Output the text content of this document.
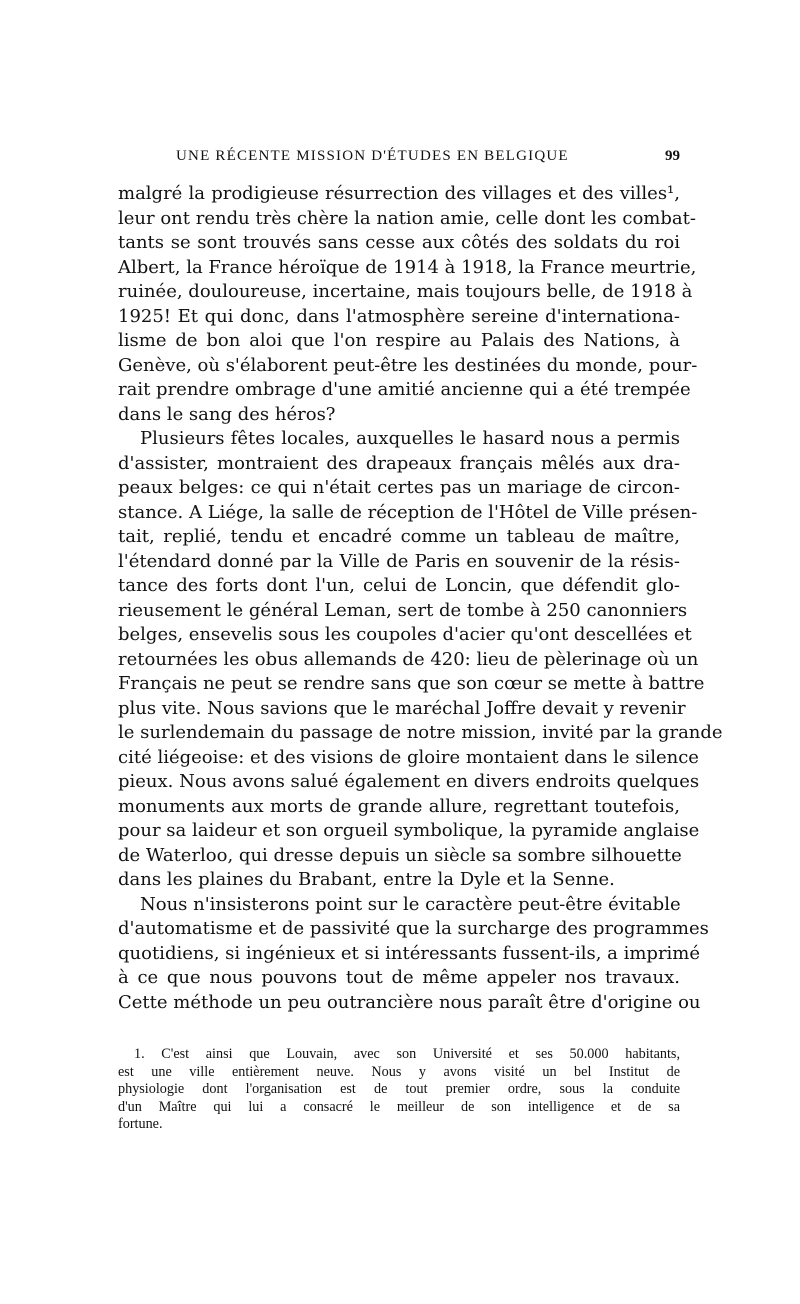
UNE RÉCENTE MISSION D'ÉTUDES EN BELGIQUE	99
malgré la prodigieuse résurrection des villages et des villes¹,
leur ont rendu très chère la nation amie, celle dont les combat-
tants se sont trouvés sans cesse aux côtés des soldats du roi
Albert, la France héroïque de 1914 à 1918, la France meurtrie,
ruinée, douloureuse, incertaine, mais toujours belle, de 1918 à
1925! Et qui donc, dans l'atmosphère sereine d'internationa-
lisme de bon aloi que l'on respire au Palais des Nations, à
Genève, où s'élaborent peut-être les destinées du monde, pour-
rait prendre ombrage d'une amitié ancienne qui a été trempée
dans le sang des héros?
Plusieurs fêtes locales, auxquelles le hasard nous a permis
d'assister, montraient des drapeaux français mêlés aux dra-
peaux belges: ce qui n'était certes pas un mariage de circon-
stance. A Liége, la salle de réception de l'Hôtel de Ville présen-
tait, replié, tendu et encadré comme un tableau de maître,
l'étendard donné par la Ville de Paris en souvenir de la résis-
tance des forts dont l'un, celui de Loncin, que défendit glo-
rieusement le général Leman, sert de tombe à 250 canonniers
belges, ensevelis sous les coupoles d'acier qu'ont descellées et
retournées les obus allemands de 420: lieu de pèlerinage où un
Français ne peut se rendre sans que son cœur se mette à battre
plus vite. Nous savions que le maréchal Joffre devait y revenir
le surlendemain du passage de notre mission, invité par la grande
cité liégeoise: et des visions de gloire montaient dans le silence
pieux. Nous avons salué également en divers endroits quelques
monuments aux morts de grande allure, regrettant toutefois,
pour sa laideur et son orgueil symbolique, la pyramide anglaise
de Waterloo, qui dresse depuis un siècle sa sombre silhouette
dans les plaines du Brabant, entre la Dyle et la Senne.
Nous n'insisterons point sur le caractère peut-être évitable
d'automatisme et de passivité que la surcharge des programmes
quotidiens, si ingénieux et si intéressants fussent-ils, a imprimé
à ce que nous pouvons tout de même appeler nos travaux.
Cette méthode un peu outrancière nous paraît être d'origine ou
1. C'est ainsi que Louvain, avec son Université et ses 50.000 habitants,
est une ville entièrement neuve. Nous y avons visité un bel Institut de
physiologie dont l'organisation est de tout premier ordre, sous la conduite
d'un Maître qui lui a consacré le meilleur de son intelligence et de sa
fortune.
